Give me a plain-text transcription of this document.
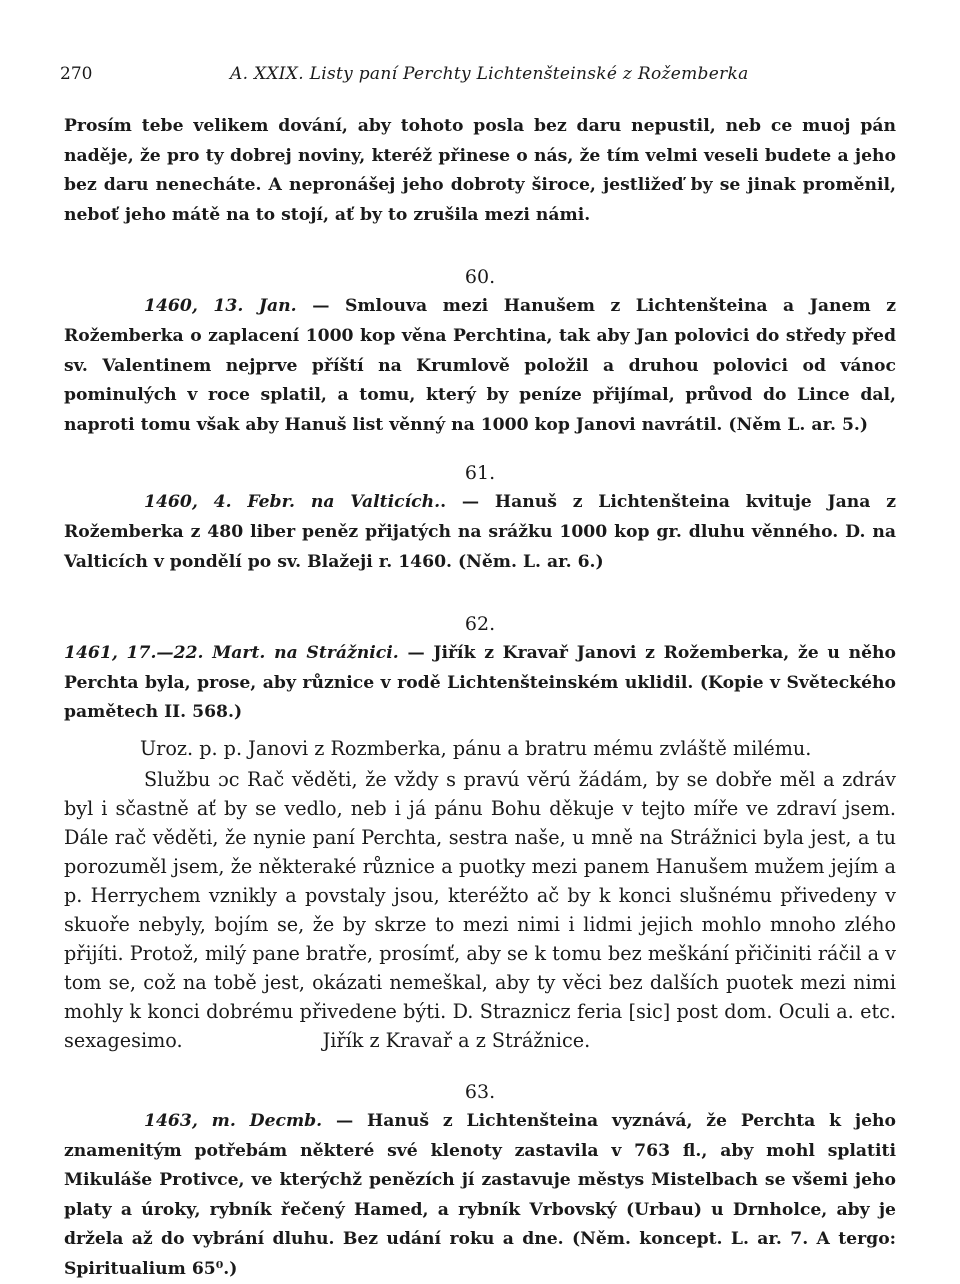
270	A. XXIX. Listy paní Perchty Lichtenšteinské z Rožemberka

Prosím tebe velikem dování, aby tohoto posla bez daru nepustil, neb ce muoj pán naděje, že pro ty dobrej noviny, kteréž přinese o nás, že tím velmi veseli budete a jeho bez daru nenecháte. A nepronášej jeho dobroty široce, jestližeď by se jinak proměnil, neboť jeho mátě na to stojí, ať by to zrušila mezi námi.

60.

1460, 13. Jan. — Smlouva mezi Hanušem z Lichtenšteina a Janem z Rožemberka o zaplacení 1000 kop věna Perchtina, tak aby Jan polovici do středy před sv. Valentinem nejprve příští na Krumlově položil a druhou polovici od vánoc pominulých v roce splatil, a tomu, který by peníze přijímal, průvod do Lince dal, naproti tomu však aby Hanuš list věnný na 1000 kop Janovi navrátil. (Něm L. ar. 5.)

61.

1460, 4. Febr. na Valticích.. — Hanuš z Lichtenšteina kvituje Jana z Rožemberka z 480 liber peněz přijatých na srážku 1000 kop gr. dluhu věnného. D. na Valticích v pondělí po sv. Blažeji r. 1460. (Něm. L. ar. 6.)

62.

1461, 17.—22. Mart. na Strážnici. — Jiřík z Kravař Janovi z Rožemberka, že u něho Perchta byla, prose, aby různice v rodě Lichtenšteinském uklidil. (Kopie v Světeckého pamětech II. 568.)

Uroz. p. p. Janovi z Rozmberka, pánu a bratru mému zvláště milému.

Službu ɔc Rač věděti, že vždy s pravú věrú žádám, by se dobře měl a zdráv byl i sčastně ať by se vedlo, neb i já pánu Bohu děkuje v tejto míře ve zdraví jsem. Dále rač věděti, že nynie paní Perchta, sestra naše, u mně na Strážnici byla jest, a tu porozuměl jsem, že některaké různice a puotky mezi panem Hanušem mužem jejím a p. Herrychem vznikly a povstaly jsou, kteréžto ač by k konci slušnému přivedeny v skuoře nebyly, bojím se, že by skrze to mezi nimi i lidmi jejich mohlo mnoho zlého přijíti. Protož, milý pane bratře, prosímť, aby se k tomu bez meškání přičiniti ráčil a v tom se, což na tobě jest, okázati nemeškal, aby ty věci bez dalších puotek mezi nimi mohly k konci dobrému přivedene býti. D. Straznicz feria [sic] post dom. Oculi a. etc. sexagesimo.	Jiřík z Kravař a z Strážnice.

63.

1463, m. Decmb. — Hanuš z Lichtenšteina vyznává, že Perchta k jeho znamenitým potřebám některé své klenoty zastavila v 763 fl., aby mohl splatiti Mikuláše Protivce, ve kterýchž penězích jí zastavuje městys Mistelbach se všemi jeho platy a úroky, rybník řečený Hamed, a rybník Vrbovský (Urbau) u Drnholce, aby je držela až do vybrání dluhu. Bez udání roku a dne. (Něm. koncept. L. ar. 7. A tergo: Spiritualium 65⁰.)
